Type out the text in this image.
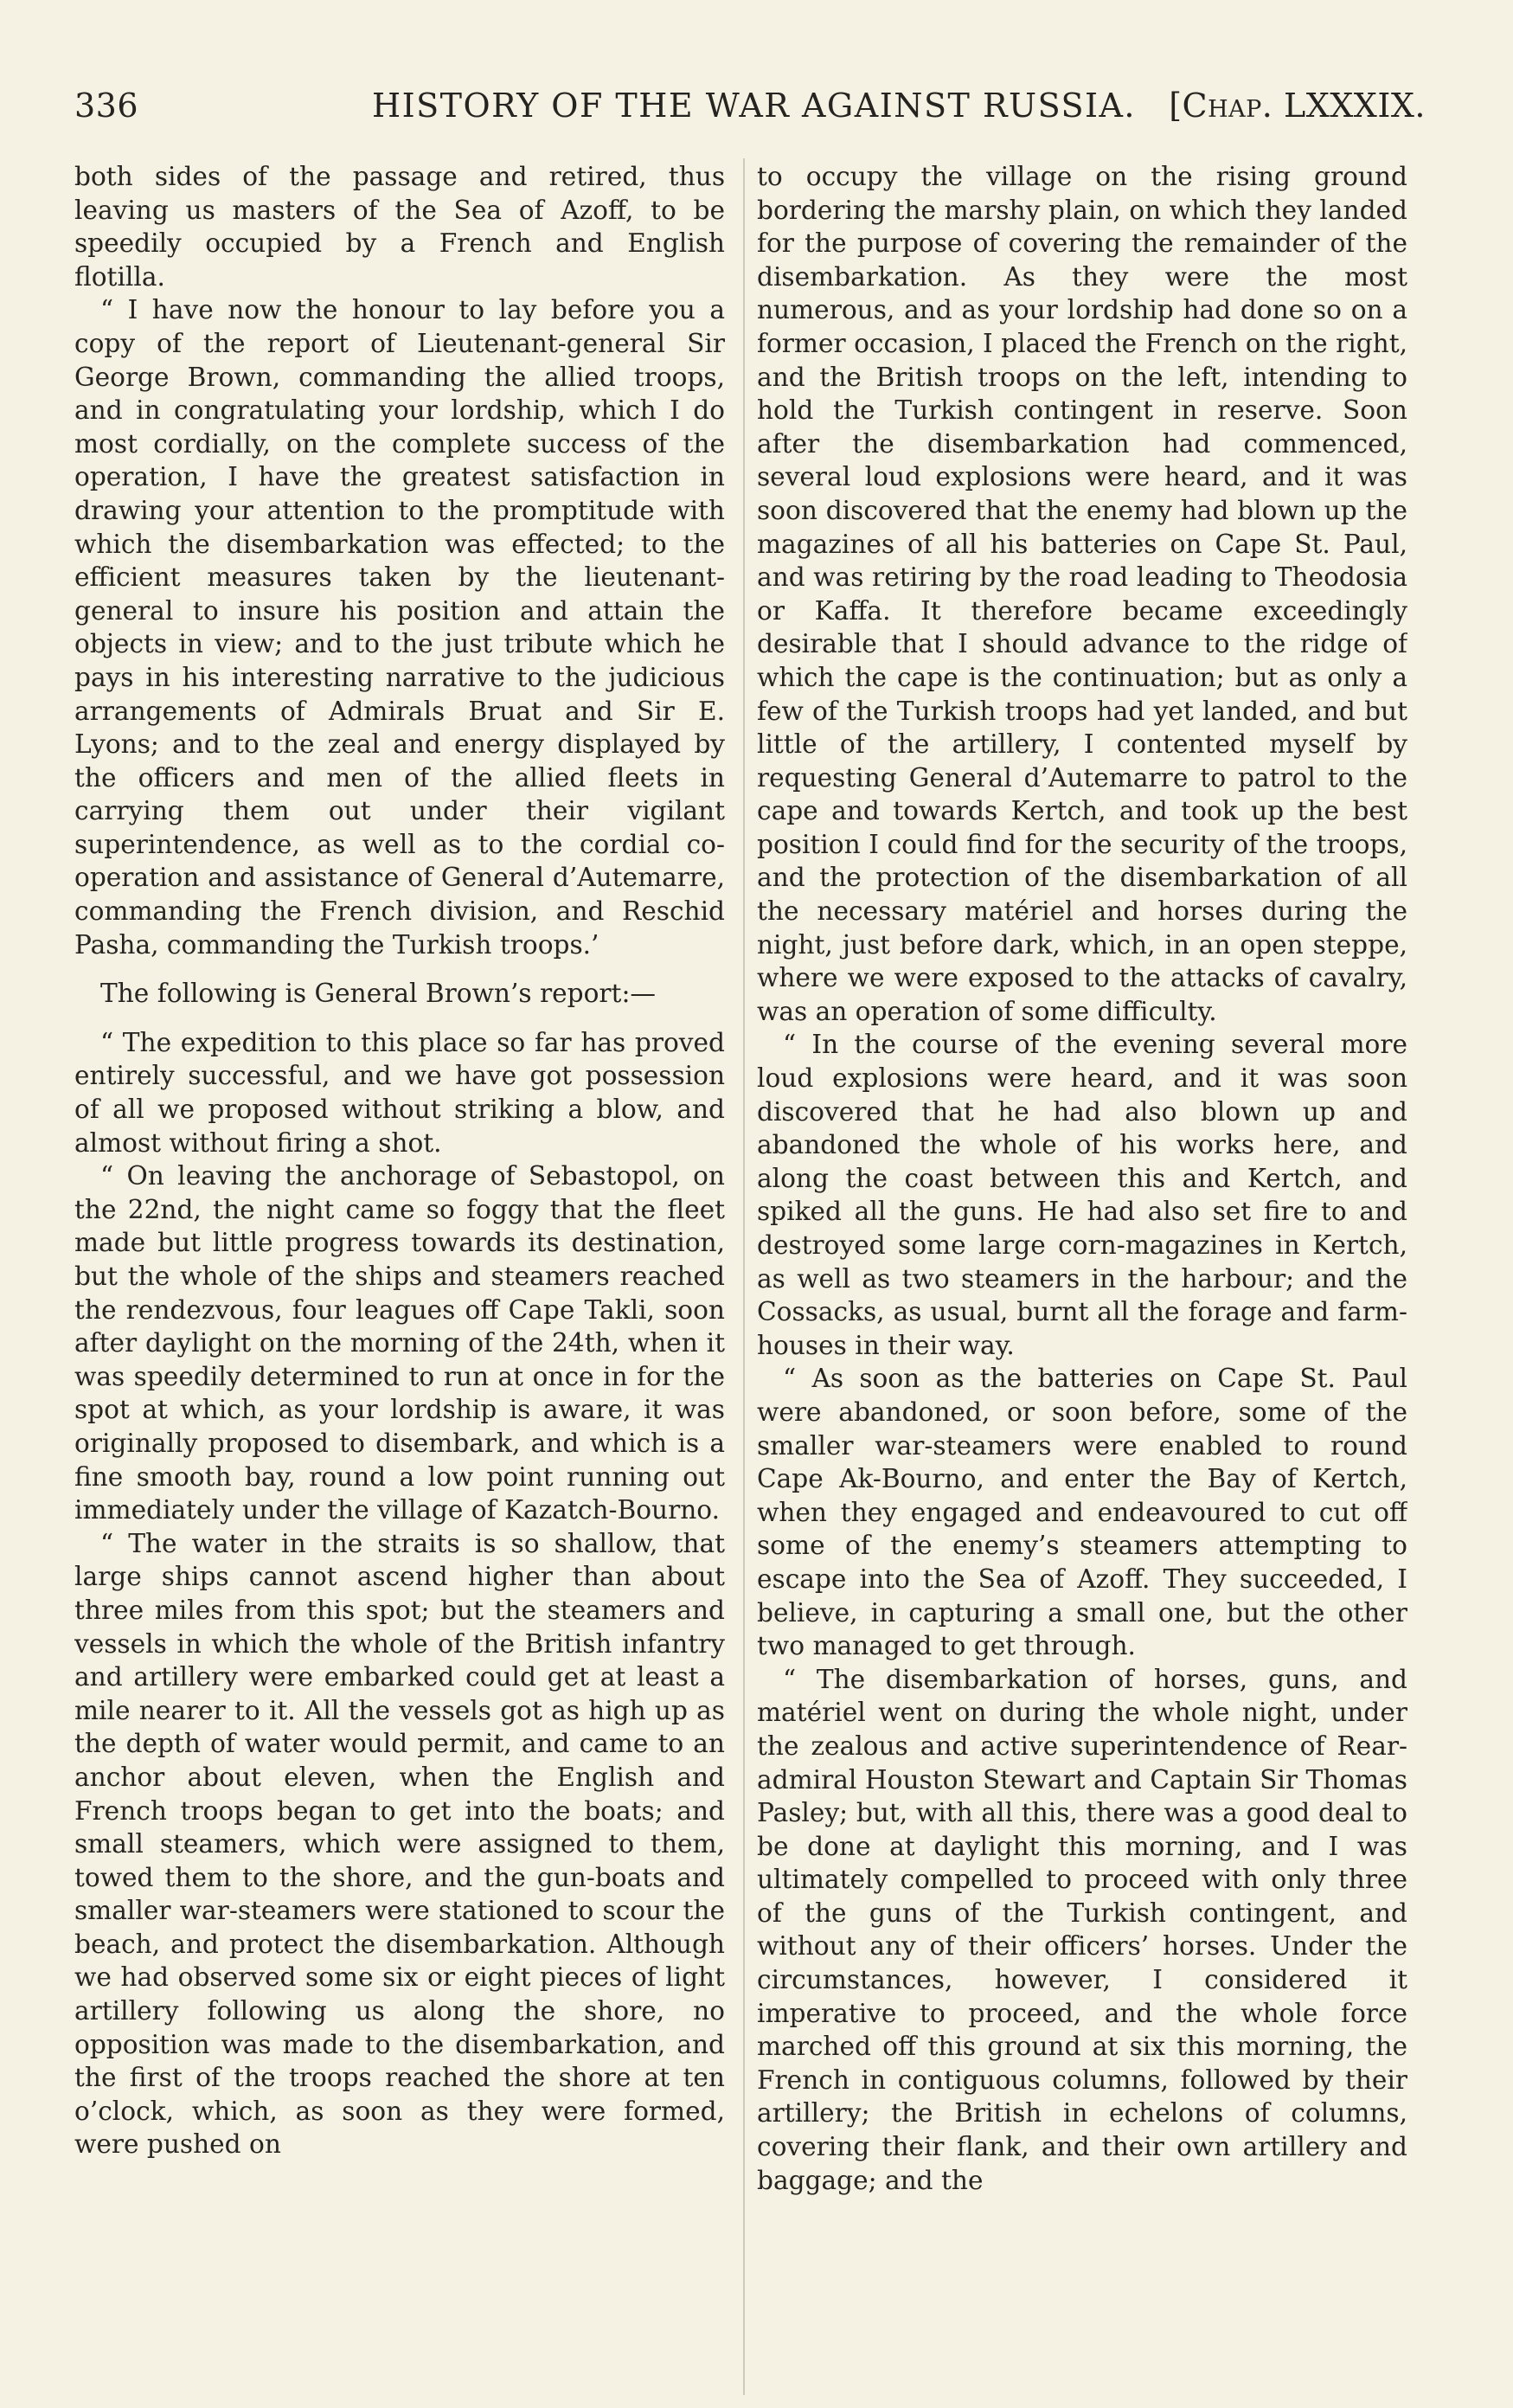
336	HISTORY OF THE WAR AGAINST RUSSIA. [Chap. LXXXIX.

both sides of the passage and retired, thus leaving us masters of the Sea of Azoff, to be speedily occupied by a French and English flotilla.

“ I have now the honour to lay before you a copy of the report of Lieutenant-general Sir George Brown, commanding the allied troops, and in congratulating your lordship, which I do most cordially, on the complete success of the operation, I have the greatest satisfaction in drawing your attention to the promptitude with which the disembarkation was effected; to the efficient measures taken by the lieutenant-general to insure his position and attain the objects in view; and to the just tribute which he pays in his interesting narrative to the judicious arrangements of Admirals Bruat and Sir E. Lyons; and to the zeal and energy displayed by the officers and men of the allied fleets in carrying them out under their vigilant superintendence, as well as to the cordial cooperation and assistance of General d’Autemarre, commanding the French division, and Reschid Pasha, commanding the Turkish troops.’

The following is General Brown’s report:—

“ The expedition to this place so far has proved entirely successful, and we have got possession of all we proposed without striking a blow, and almost without firing a shot.

“ On leaving the anchorage of Sebastopol, on the 22nd, the night came so foggy that the fleet made but little progress towards its destination, but the whole of the ships and steamers reached the rendezvous, four leagues off Cape Takli, soon after daylight on the morning of the 24th, when it was speedily determined to run at once in for the spot at which, as your lordship is aware, it was originally proposed to disembark, and which is a fine smooth bay, round a low point running out immediately under the village of Kazatch-Bourno.

“ The water in the straits is so shallow, that large ships cannot ascend higher than about three miles from this spot; but the steamers and vessels in which the whole of the British infantry and artillery were embarked could get at least a mile nearer to it. All the vessels got as high up as the depth of water would permit, and came to an anchor about eleven, when the English and French troops began to get into the boats; and small steamers, which were assigned to them, towed them to the shore, and the gun-boats and smaller war-steamers were stationed to scour the beach, and protect the disembarkation. Although we had observed some six or eight pieces of light artillery following us along the shore, no opposition was made to the disembarkation, and the first of the troops reached the shore at ten o’clock, which, as soon as they were formed, were pushed on

to occupy the village on the rising ground bordering the marshy plain, on which they landed for the purpose of covering the remainder of the disembarkation. As they were the most numerous, and as your lordship had done so on a former occasion, I placed the French on the right, and the British troops on the left, intending to hold the Turkish contingent in reserve. Soon after the disembarkation had commenced, several loud explosions were heard, and it was soon discovered that the enemy had blown up the magazines of all his batteries on Cape St. Paul, and was retiring by the road leading to Theodosia or Kaffa. It therefore became exceedingly desirable that I should advance to the ridge of which the cape is the continuation; but as only a few of the Turkish troops had yet landed, and but little of the artillery, I contented myself by requesting General d’Autemarre to patrol to the cape and towards Kertch, and took up the best position I could find for the security of the troops, and the protection of the disembarkation of all the necessary matériel and horses during the night, just before dark, which, in an open steppe, where we were exposed to the attacks of cavalry, was an operation of some difficulty.

“ In the course of the evening several more loud explosions were heard, and it was soon discovered that he had also blown up and abandoned the whole of his works here, and along the coast between this and Kertch, and spiked all the guns. He had also set fire to and destroyed some large corn-magazines in Kertch, as well as two steamers in the harbour; and the Cossacks, as usual, burnt all the forage and farm-houses in their way.

“ As soon as the batteries on Cape St. Paul were abandoned, or soon before, some of the smaller war-steamers were enabled to round Cape Ak-Bourno, and enter the Bay of Kertch, when they engaged and endeavoured to cut off some of the enemy’s steamers attempting to escape into the Sea of Azoff. They succeeded, I believe, in capturing a small one, but the other two managed to get through.

“ The disembarkation of horses, guns, and matériel went on during the whole night, under the zealous and active superintendence of Rear-admiral Houston Stewart and Captain Sir Thomas Pasley; but, with all this, there was a good deal to be done at daylight this morning, and I was ultimately compelled to proceed with only three of the guns of the Turkish contingent, and without any of their officers’ horses. Under the circumstances, however, I considered it imperative to proceed, and the whole force marched off this ground at six this morning, the French in contiguous columns, followed by their artillery; the British in echelons of columns, covering their flank, and their own artillery and baggage; and the
